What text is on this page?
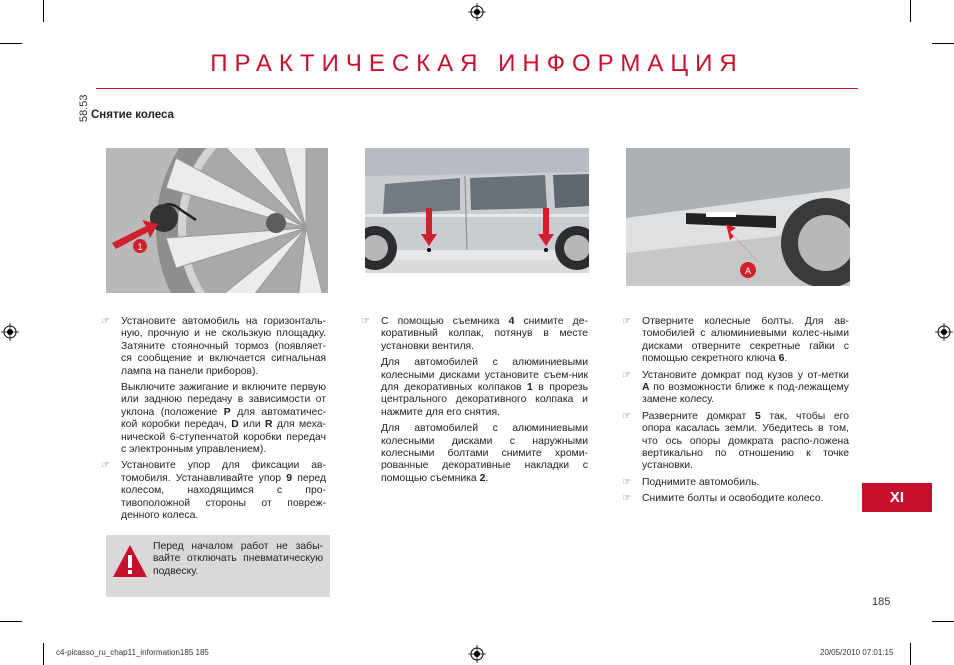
ПРАКТИЧЕСКАЯ ИНФОРМАЦИЯ
58.53 Снятие колеса
1
A

☞ Установите автомобиль на горизонталь-ную, прочную и не скользкую площадку. Затяните стояночный тормоз (появляет-ся сообщение и включается сигнальная лампа на панели приборов).

Выключите зажигание и включите первую или заднюю передачу в зависимости от уклона (положение P для автоматичес-кой коробки передач, D или R для меха-нической 6-ступенчатой коробки передач с электронным управлением).

☞ Установите упор для фиксации ав-томобиля. Устанавливайте упор 9 перед колесом, находящимся с про-тивоположной стороны от повреж-денного колеса.

Перед началом работ не забы-вайте отключать пневматическую подвеску.

☞ С помощью съемника 4 снимите де-коративный колпак, потянув в месте установки вентиля.

Для автомобилей с алюминиевыми колесными дисками установите съем-ник для декоративных колпаков 1 в прорезь центрального декоративного колпака и нажмите для его снятия.

Для автомобилей с алюминиевыми колесными дисками с наружными колесными болтами снимите хроми-рованные декоративные накладки с помощью съемника 2.

☞ Отверните колесные болты. Для ав-томобилей с алюминиевыми колес-ными дисками отверните секретные гайки с помощью секретного ключа 6.

☞ Установите домкрат под кузов у от-метки A по возможности ближе к под-лежащему замене колесу.

☞ Разверните домкрат 5 так, чтобы его опора касалась земли. Убедитесь в том, что ось опоры домкрата распо-ложена вертикально по отношению к точке установки.

☞ Поднимите автомобиль.

☞ Снимите болты и освободите колесо.	XI
185
c4-picasso_ru_chap11_information185 185	20/05/2010 07:01:15
